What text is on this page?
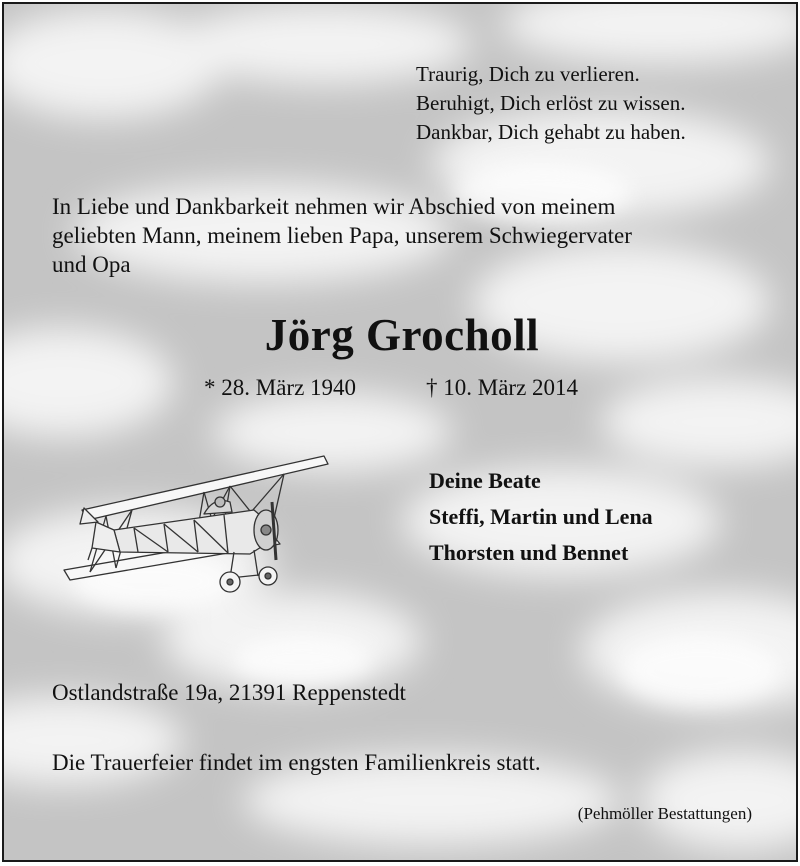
Traurig, Dich zu verlieren.
Beruhigt, Dich erlöst zu wissen.
Dankbar, Dich gehabt zu haben.
In Liebe und Dankbarkeit nehmen wir Abschied von meinem
geliebten Mann, meinem lieben Papa, unserem Schwiegervater
und Opa
Jörg Grocholl
* 28. März 1940	† 10. März 2014
Deine Beate
Steffi, Martin und Lena
Thorsten und Bennet
Ostlandstraße 19a, 21391 Reppenstedt
Die Trauerfeier findet im engsten Familienkreis statt.
(Pehmöller Bestattungen)
